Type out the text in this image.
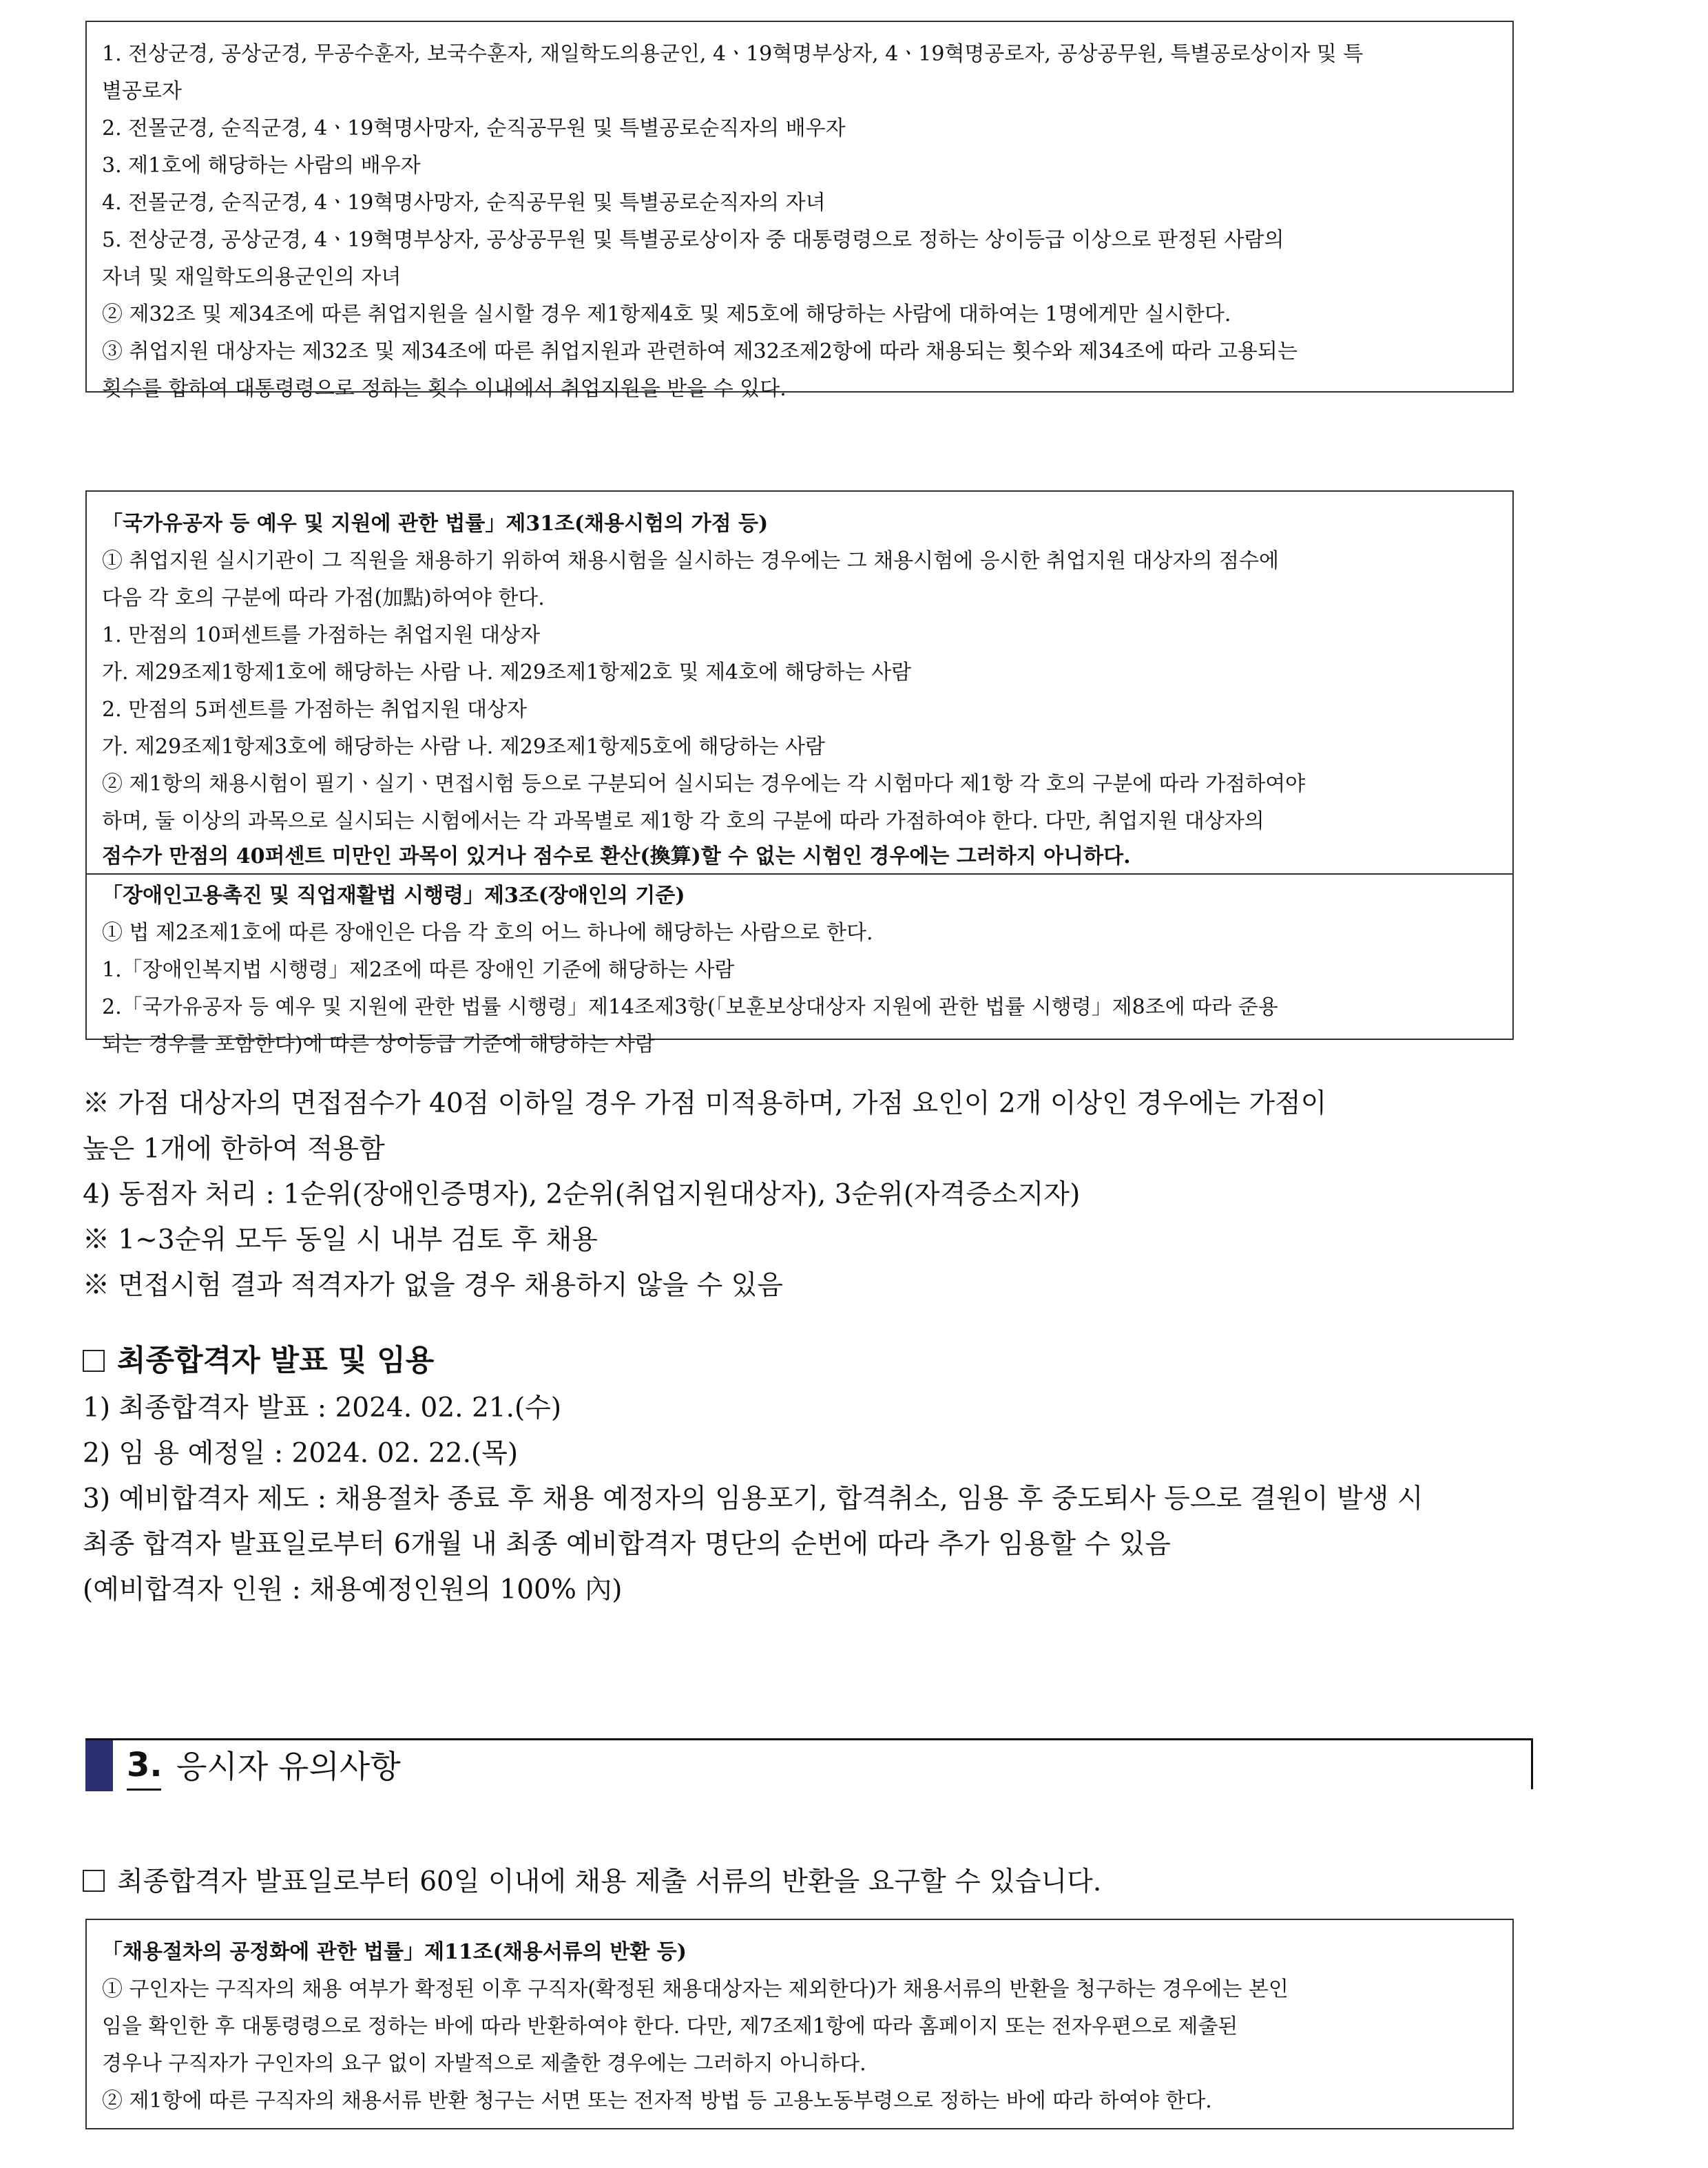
1. 전상군경, 공상군경, 무공수훈자, 보국수훈자, 재일학도의용군인, 4ㆍ19혁명부상자, 4ㆍ19혁명공로자, 공상공무원, 특별공로상이자 및 특
별공로자
2. 전몰군경, 순직군경, 4ㆍ19혁명사망자, 순직공무원 및 특별공로순직자의 배우자
3. 제1호에 해당하는 사람의 배우자
4. 전몰군경, 순직군경, 4ㆍ19혁명사망자, 순직공무원 및 특별공로순직자의 자녀
5. 전상군경, 공상군경, 4ㆍ19혁명부상자, 공상공무원 및 특별공로상이자 중 대통령령으로 정하는 상이등급 이상으로 판정된 사람의
자녀 및 재일학도의용군인의 자녀
② 제32조 및 제34조에 따른 취업지원을 실시할 경우 제1항제4호 및 제5호에 해당하는 사람에 대하여는 1명에게만 실시한다.
③ 취업지원 대상자는 제32조 및 제34조에 따른 취업지원과 관련하여 제32조제2항에 따라 채용되는 횟수와 제34조에 따라 고용되는
횟수를 합하여 대통령령으로 정하는 횟수 이내에서 취업지원을 받을 수 있다.
「국가유공자 등 예우 및 지원에 관한 법률」제31조(채용시험의 가점 등)
① 취업지원 실시기관이 그 직원을 채용하기 위하여 채용시험을 실시하는 경우에는 그 채용시험에 응시한 취업지원 대상자의 점수에
다음 각 호의 구분에 따라 가점(加點)하여야 한다.
1. 만점의 10퍼센트를 가점하는 취업지원 대상자
가. 제29조제1항제1호에 해당하는 사람 나. 제29조제1항제2호 및 제4호에 해당하는 사람
2. 만점의 5퍼센트를 가점하는 취업지원 대상자
가. 제29조제1항제3호에 해당하는 사람 나. 제29조제1항제5호에 해당하는 사람
② 제1항의 채용시험이 필기ㆍ실기ㆍ면접시험 등으로 구분되어 실시되는 경우에는 각 시험마다 제1항 각 호의 구분에 따라 가점하여야
하며, 둘 이상의 과목으로 실시되는 시험에서는 각 과목별로 제1항 각 호의 구분에 따라 가점하여야 한다. 다만, 취업지원 대상자의
점수가 만점의 40퍼센트 미만인 과목이 있거나 점수로 환산(換算)할 수 없는 시험인 경우에는 그러하지 아니하다.
「장애인고용촉진 및 직업재활법 시행령」제3조(장애인의 기준)
① 법 제2조제1호에 따른 장애인은 다음 각 호의 어느 하나에 해당하는 사람으로 한다.
1.「장애인복지법 시행령」제2조에 따른 장애인 기준에 해당하는 사람
2.「국가유공자 등 예우 및 지원에 관한 법률 시행령」제14조제3항(「보훈보상대상자 지원에 관한 법률 시행령」제8조에 따라 준용
되는 경우를 포함한다)에 따른 상이등급 기준에 해당하는 사람
※ 가점 대상자의 면접점수가 40점 이하일 경우 가점 미적용하며, 가점 요인이 2개 이상인 경우에는 가점이
높은 1개에 한하여 적용함
4) 동점자 처리 : 1순위(장애인증명자), 2순위(취업지원대상자), 3순위(자격증소지자)
※ 1~3순위 모두 동일 시 내부 검토 후 채용
※ 면접시험 결과 적격자가 없을 경우 채용하지 않을 수 있음
최종합격자 발표 및 임용
1) 최종합격자 발표 : 2024. 02. 21.(수)
2) 임 용 예정일 : 2024. 02. 22.(목)
3) 예비합격자 제도 : 채용절차 종료 후 채용 예정자의 임용포기, 합격취소, 임용 후 중도퇴사 등으로 결원이 발생 시
최종 합격자 발표일로부터 6개월 내 최종 예비합격자 명단의 순번에 따라 추가 임용할 수 있음
(예비합격자 인원 : 채용예정인원의 100% 內)
3. 응시자 유의사항
최종합격자 발표일로부터 60일 이내에 채용 제출 서류의 반환을 요구할 수 있습니다.
「채용절차의 공정화에 관한 법률」제11조(채용서류의 반환 등)
① 구인자는 구직자의 채용 여부가 확정된 이후 구직자(확정된 채용대상자는 제외한다)가 채용서류의 반환을 청구하는 경우에는 본인
임을 확인한 후 대통령령으로 정하는 바에 따라 반환하여야 한다. 다만, 제7조제1항에 따라 홈페이지 또는 전자우편으로 제출된
경우나 구직자가 구인자의 요구 없이 자발적으로 제출한 경우에는 그러하지 아니하다.
② 제1항에 따른 구직자의 채용서류 반환 청구는 서면 또는 전자적 방법 등 고용노동부령으로 정하는 바에 따라 하여야 한다.
